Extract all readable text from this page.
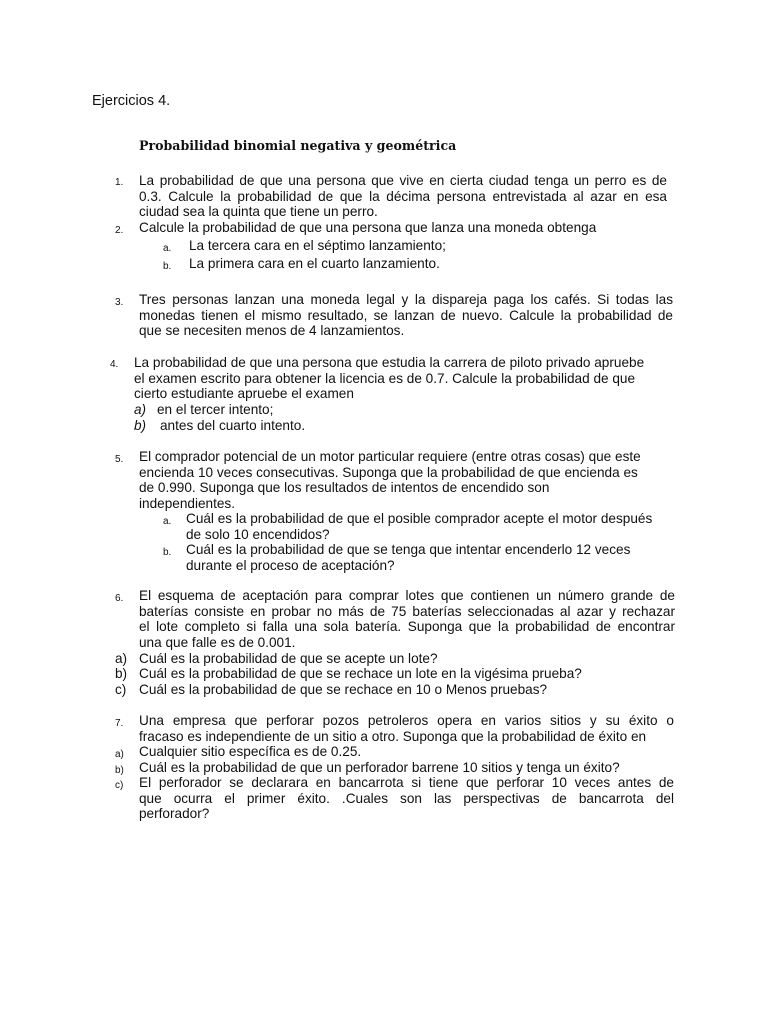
Ejercicios 4.

Probabilidad binomial negativa y geométrica

1. La probabilidad de que una persona que vive en cierta ciudad tenga un perro es de
0.3. Calcule la probabilidad de que la décima persona entrevistada al azar en esa
ciudad sea la quinta que tiene un perro.
2. Calcule la probabilidad de que una persona que lanza una moneda obtenga
a. La tercera cara en el séptimo lanzamiento;
b. La primera cara en el cuarto lanzamiento.
3. Tres personas lanzan una moneda legal y la dispareja paga los cafés. Si todas las
monedas tienen el mismo resultado, se lanzan de nuevo. Calcule la probabilidad de
que se necesiten menos de 4 lanzamientos.
4. La probabilidad de que una persona que estudia la carrera de piloto privado apruebe
el examen escrito para obtener la licencia es de 0.7. Calcule la probabilidad de que
cierto estudiante apruebe el examen
a) en el tercer intento;
b) antes del cuarto intento.
5. El comprador potencial de un motor particular requiere (entre otras cosas) que este
encienda 10 veces consecutivas. Suponga que la probabilidad de que encienda es
de 0.990. Suponga que los resultados de intentos de encendido son
independientes.
a. Cuál es la probabilidad de que el posible comprador acepte el motor después
de solo 10 encendidos?
b. Cuál es la probabilidad de que se tenga que intentar encenderlo 12 veces
durante el proceso de aceptación?
6. El esquema de aceptación para comprar lotes que contienen un número grande de
baterías consiste en probar no más de 75 baterías seleccionadas al azar y rechazar
el lote completo si falla una sola batería. Suponga que la probabilidad de encontrar
una que falle es de 0.001.
a) Cuál es la probabilidad de que se acepte un lote?
b) Cuál es la probabilidad de que se rechace un lote en la vigésima prueba?
c) Cuál es la probabilidad de que se rechace en 10 o Menos pruebas?
7. Una empresa que perforar pozos petroleros opera en varios sitios y su éxito o
fracaso es independiente de un sitio a otro. Suponga que la probabilidad de éxito en
a) Cualquier sitio específica es de 0.25.
b) Cuál es la probabilidad de que un perforador barrene 10 sitios y tenga un éxito?
c) El perforador se declarara en bancarrota si tiene que perforar 10 veces antes de
que ocurra el primer éxito. .Cuales son las perspectivas de bancarrota del
perforador?
